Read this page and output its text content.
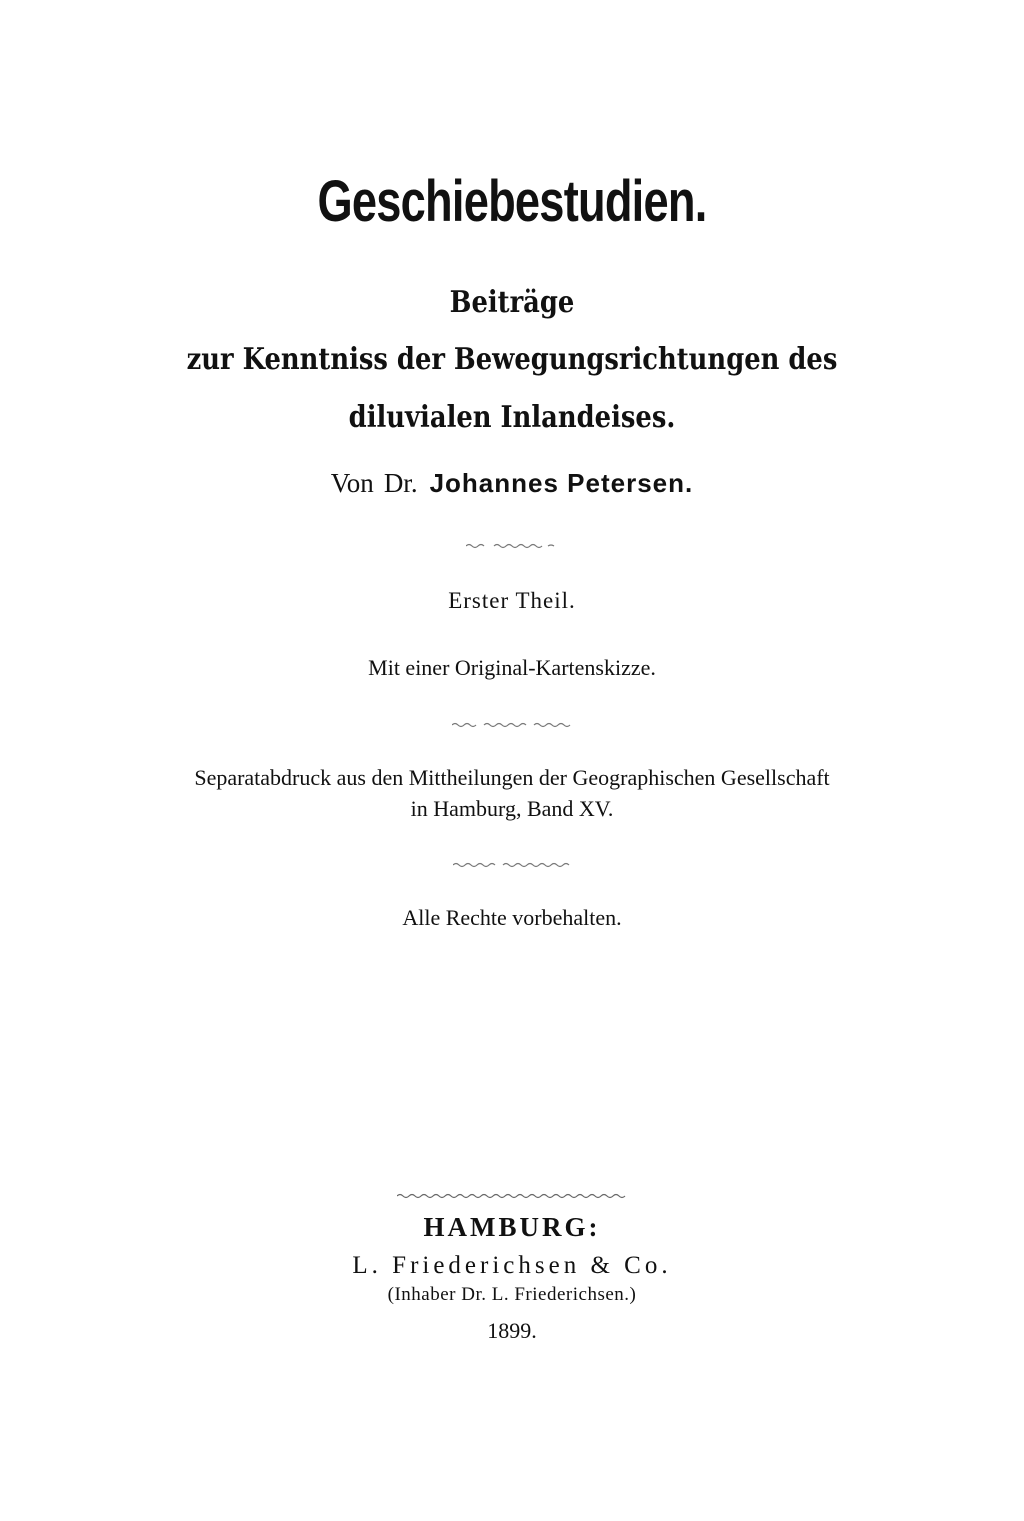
Geschiebestudien.
Beiträge
zur Kenntniss der Bewegungsrichtungen des
diluvialen Inlandeises.
Von Dr. Johannes Petersen.
Erster Theil.
Mit einer Original-Kartenskizze.
Separatabdruck aus den Mittheilungen der Geographischen Gesellschaft
in Hamburg, Band XV.
Alle Rechte vorbehalten.
HAMBURG:
L. Friederichsen & Co.
(Inhaber Dr. L. Friederichsen.)
1899.
